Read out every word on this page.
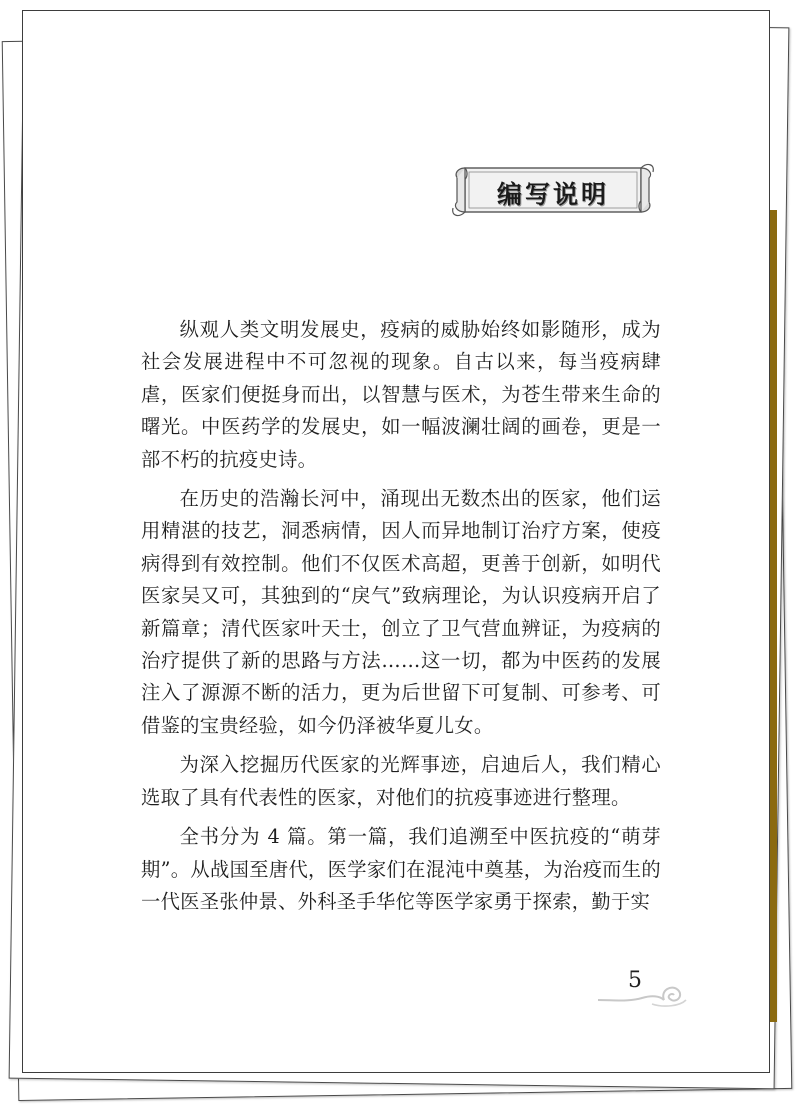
编写说明

纵观人类文明发展史，疫病的威胁始终如影随形，成为社会发展进程中不可忽视的现象。自古以来，每当疫病肆虐，医家们便挺身而出，以智慧与医术，为苍生带来生命的曙光。中医药学的发展史，如一幅波澜壮阔的画卷，更是一部不朽的抗疫史诗。

在历史的浩瀚长河中，涌现出无数杰出的医家，他们运用精湛的技艺，洞悉病情，因人而异地制订治疗方案，使疫病得到有效控制。他们不仅医术高超，更善于创新，如明代医家吴又可，其独到的“戾气”致病理论，为认识疫病开启了新篇章；清代医家叶天士，创立了卫气营血辨证，为疫病的治疗提供了新的思路与方法……这一切，都为中医药的发展注入了源源不断的活力，更为后世留下可复制、可参考、可借鉴的宝贵经验，如今仍泽被华夏儿女。

为深入挖掘历代医家的光辉事迹，启迪后人，我们精心选取了具有代表性的医家，对他们的抗疫事迹进行整理。

全书分为 4 篇。第一篇，我们追溯至中医抗疫的“萌芽期”。从战国至唐代，医学家们在混沌中奠基，为治疫而生的一代医圣张仲景、外科圣手华佗等医学家勇于探索，勤于实

5
